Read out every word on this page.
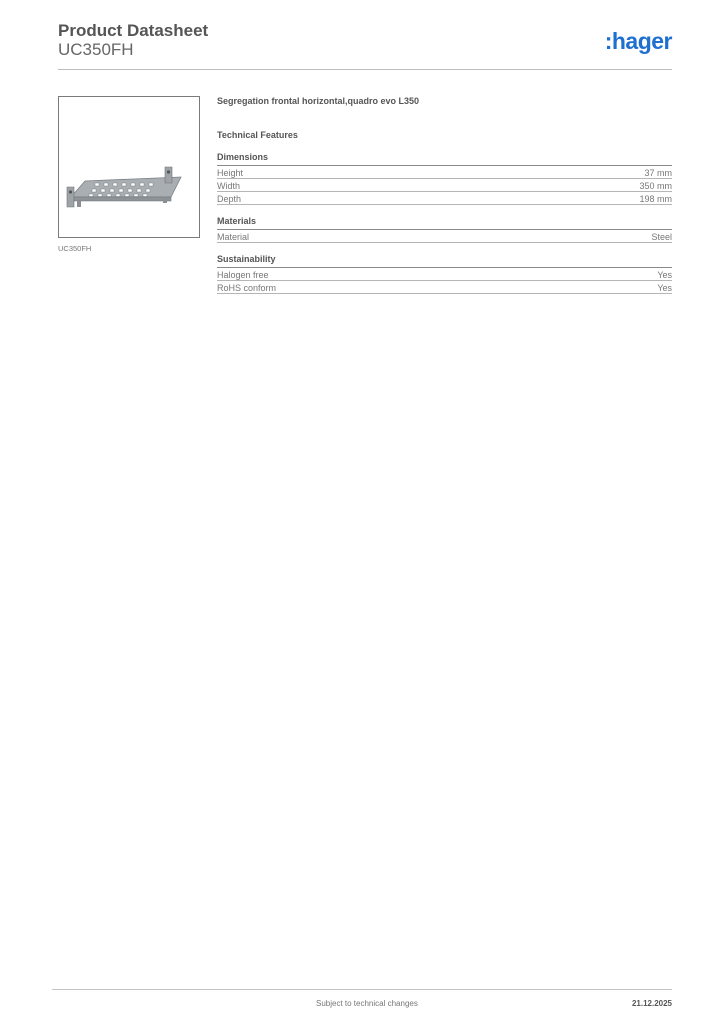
Product Datasheet
UC350FH	:hager
UC350FH
Segregation frontal horizontal,quadro evo L350
Technical Features
Dimensions
Height	37 mm
Width	350 mm
Depth	198 mm
Materials
Material	Steel
Sustainability
Halogen free	Yes
RoHS conform	Yes
Subject to technical changes	21.12.2025
